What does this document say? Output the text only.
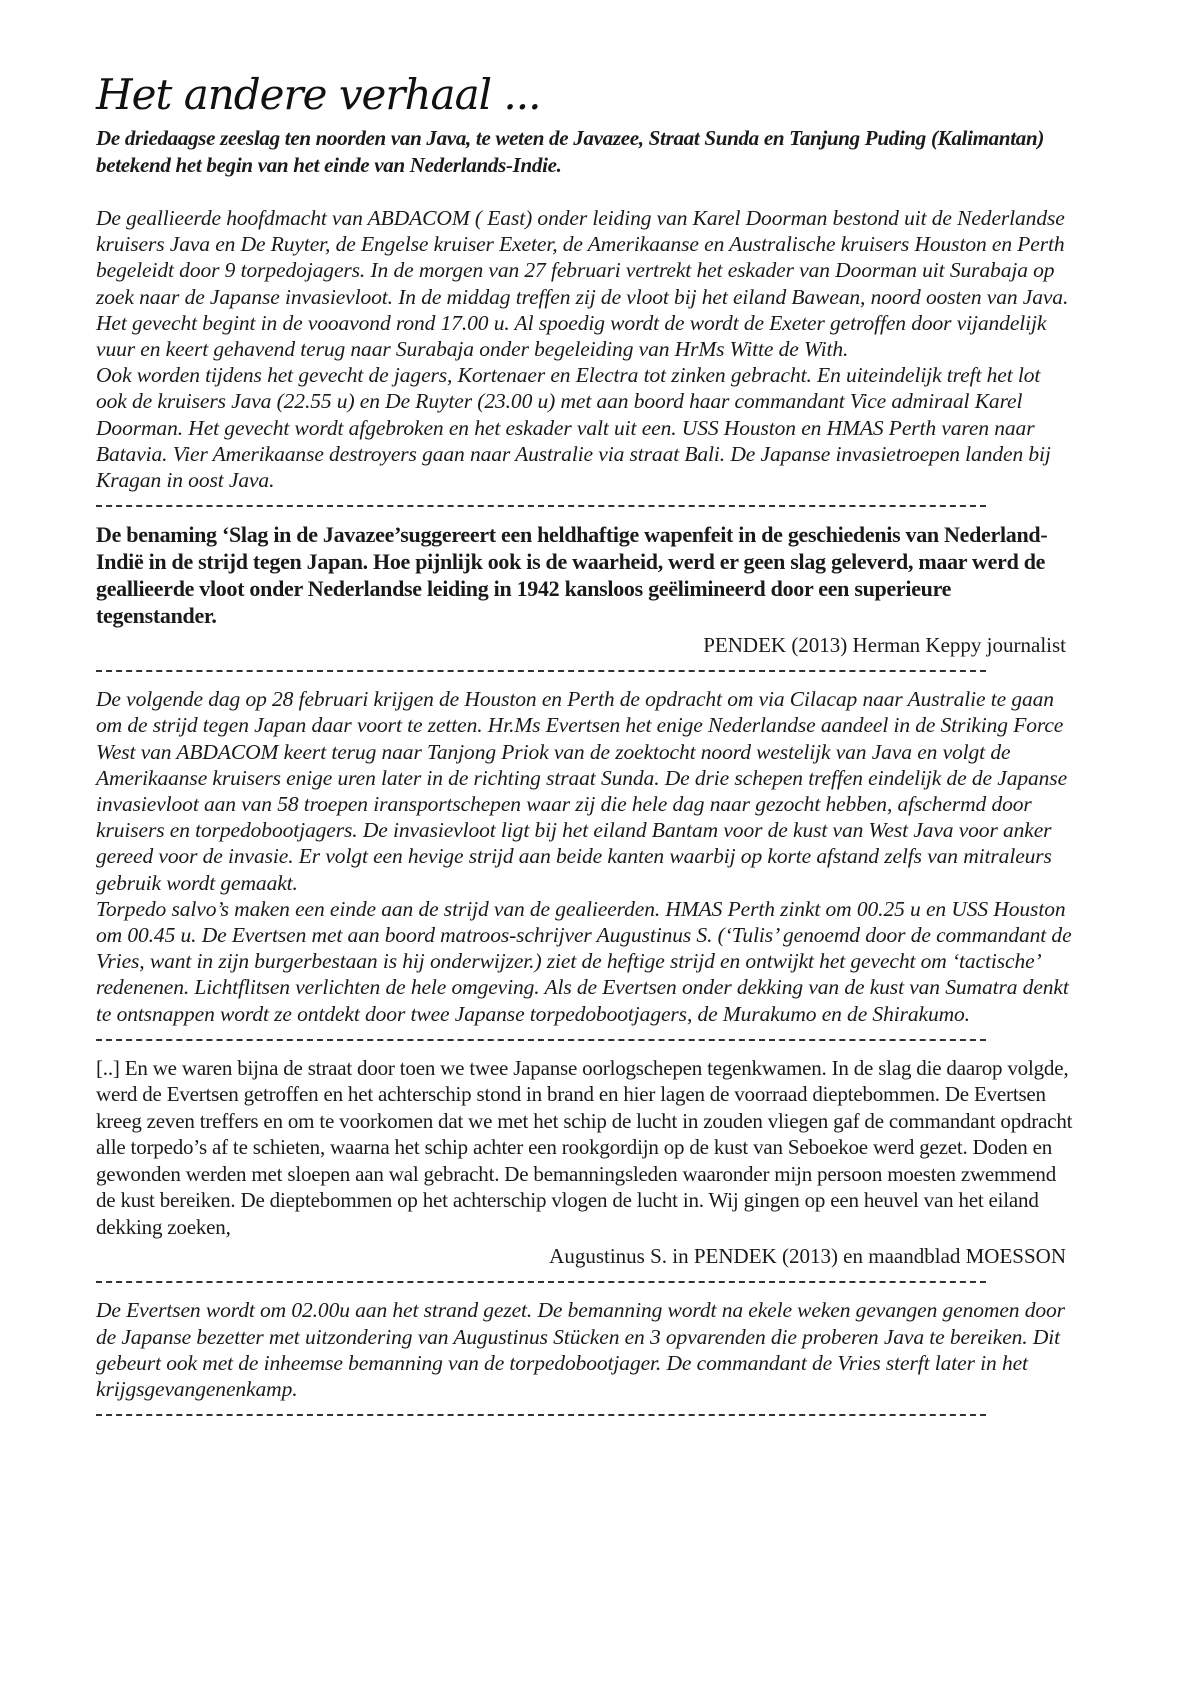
Het andere verhaal ...

De driedaagse zeeslag ten noorden van Java, te weten de Javazee, Straat Sunda en Tanjung Puding (Kalimantan) betekend het begin van het einde van Nederlands-Indie.

De geallieerde hoofdmacht van ABDACOM ( East) onder leiding van Karel Doorman bestond uit de Nederlandse kruisers Java en De Ruyter, de Engelse kruiser Exeter, de Amerikaanse en Australische kruisers Houston en Perth begeleidt door 9 torpedojagers. In de morgen van 27 februari vertrekt het eskader van Doorman uit Surabaja op zoek naar de Japanse invasievloot. In de middag treffen zij de vloot bij het eiland Bawean, noord oosten van Java. Het gevecht begint in de vooavond rond 17.00 u. Al spoedig wordt de wordt de Exeter getroffen door vijandelijk vuur en keert gehavend terug naar Surabaja onder begeleiding van HrMs Witte de With.

Ook worden tijdens het gevecht de jagers, Kortenaer en Electra tot zinken gebracht. En uiteindelijk treft het lot ook de kruisers Java (22.55 u) en De Ruyter (23.00 u) met aan boord haar commandant Vice admiraal Karel Doorman. Het gevecht wordt afgebroken en het eskader valt uit een. USS Houston en HMAS Perth varen naar Batavia. Vier Amerikaanse destroyers gaan naar Australie via straat Bali. De Japanse invasietroepen landen bij Kragan in oost Java.

De benaming ‘Slag in de Javazee’suggereert een heldhaftige wapenfeit in de geschiedenis van Nederland-Indië in de strijd tegen Japan. Hoe pijnlijk ook is de waarheid, werd er geen slag geleverd, maar werd de geallieerde vloot onder Nederlandse leiding in 1942 kansloos geëlimineerd door een superieure tegenstander.

PENDEK (2013) Herman Keppy journalist

De volgende dag op 28 februari krijgen de Houston en Perth de opdracht om via Cilacap naar Australie te gaan om de strijd tegen Japan daar voort te zetten. Hr.Ms Evertsen het enige Nederlandse aandeel in de Striking Force West van ABDACOM keert terug naar Tanjong Priok van de zoektocht noord westelijk van Java en volgt de Amerikaanse kruisers enige uren later in de richting straat Sunda. De drie schepen treffen eindelijk de de Japanse invasievloot aan van 58 troepen iransportschepen waar zij die hele dag naar gezocht hebben, afschermd door kruisers en torpedobootjagers. De invasievloot ligt bij het eiland Bantam voor de kust van West Java voor anker gereed voor de invasie. Er volgt een hevige strijd aan beide kanten waarbij op korte afstand zelfs van mitraleurs gebruik wordt gemaakt.

Torpedo salvo’s maken een einde aan de strijd van de gealieerden. HMAS Perth zinkt om 00.25 u en USS Houston om 00.45 u. De Evertsen met aan boord matroos-schrijver Augustinus S. (‘Tulis’ genoemd door de commandant de Vries, want in zijn burgerbestaan is hij onderwijzer.) ziet de heftige strijd en ontwijkt het gevecht om ‘tactische’ redenenen. Lichtflitsen verlichten de hele omgeving. Als de Evertsen onder dekking van de kust van Sumatra denkt te ontsnappen wordt ze ontdekt door twee Japanse torpedobootjagers, de Murakumo en de Shirakumo.

[..] En we waren bijna de straat door toen we twee Japanse oorlogschepen tegenkwamen. In de slag die daarop volgde, werd de Evertsen getroffen en het achterschip stond in brand en hier lagen de voorraad dieptebommen. De Evertsen kreeg zeven treffers en om te voorkomen dat we met het schip de lucht in zouden vliegen gaf de commandant opdracht alle torpedo’s af te schieten, waarna het schip achter een rookgordijn op de kust van Seboekoe werd gezet. Doden en gewonden werden met sloepen aan wal gebracht. De bemanningsleden waaronder mijn persoon moesten zwemmend de kust bereiken. De dieptebommen op het achterschip vlogen de lucht in. Wij gingen op een heuvel van het eiland dekking zoeken,

Augustinus S. in PENDEK (2013) en maandblad MOESSON

De Evertsen wordt om 02.00u aan het strand gezet. De bemanning wordt na ekele weken gevangen genomen door de Japanse bezetter met uitzondering van Augustinus Stücken en 3 opvarenden die proberen Java te bereiken. Dit gebeurt ook met de inheemse bemanning van de torpedobootjager. De commandant de Vries sterft later in het krijgsgevangenenkamp.
